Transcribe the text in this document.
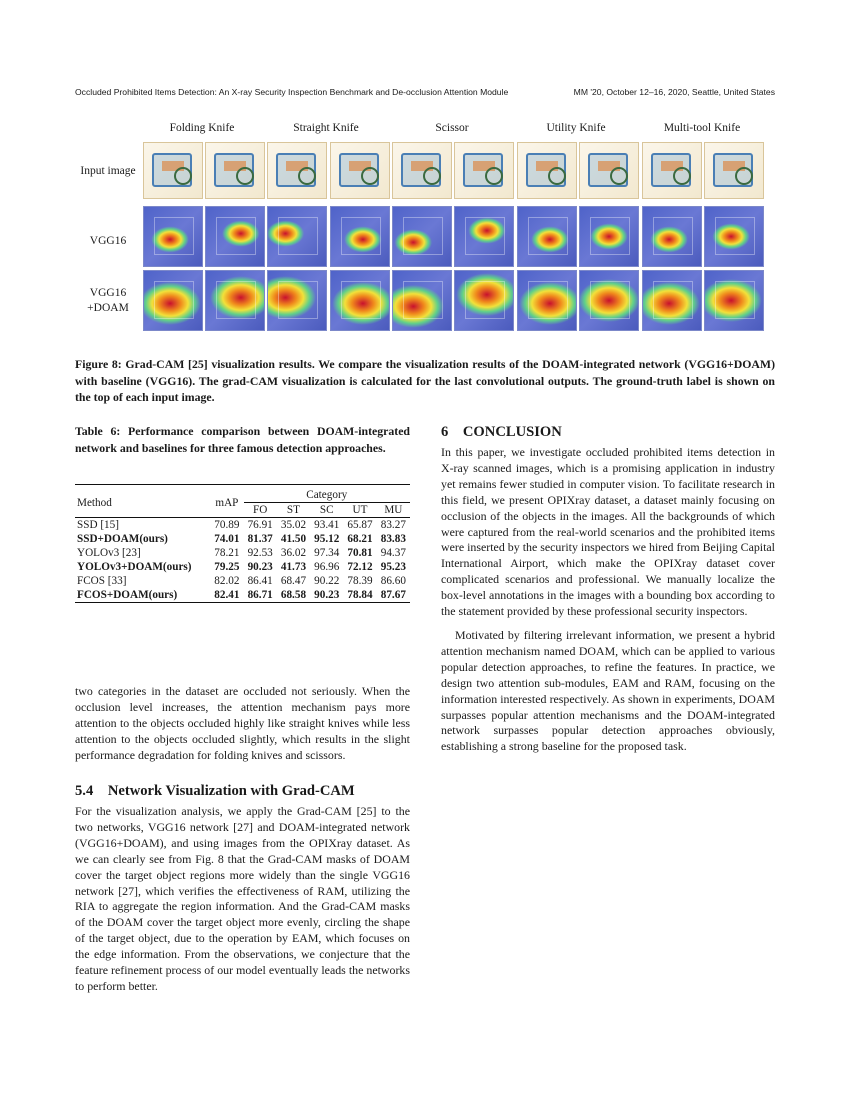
Occluded Prohibited Items Detection: An X-ray Security Inspection Benchmark and De-occlusion Attention Module	MM '20, October 12–16, 2020, Seattle, United States
Folding Knife	Straight Knife	Scissor	Utility Knife	Multi-tool Knife
Input image
VGG16
VGG16
+DOAM
Figure 8: Grad-CAM [25] visualization results. We compare the visualization results of the DOAM-integrated network (VGG16+DOAM) with baseline (VGG16). The grad-CAM visualization is calculated for the last convolutional outputs. The ground-truth label is shown on the top of each input image.
Table 6: Performance comparison between DOAM-integrated network and baselines for three famous detection approaches.
Method	mAP	Category				
		FO	ST	SC	UT	MU
SSD [15]	70.89	76.91	35.02	93.41	65.87	83.27
SSD+DOAM(ours)	74.01	81.37	41.50	95.12	68.21	83.83
YOLOv3 [23]	78.21	92.53	36.02	97.34	70.81	94.37
YOLOv3+DOAM(ours)	79.25	90.23	41.73	96.96	72.12	95.23
FCOS [33]	82.02	86.41	68.47	90.22	78.39	86.60
FCOS+DOAM(ours)	82.41	86.71	68.58	90.23	78.84	87.67
two categories in the dataset are occluded not seriously. When the occlusion level increases, the attention mechanism pays more attention to the objects occluded highly like straight knives while less attention to the objects occluded slightly, which results in the slight performance degradation for folding knives and scissors.
5.4 Network Visualization with Grad-CAM
For the visualization analysis, we apply the Grad-CAM [25] to the two networks, VGG16 network [27] and DOAM-integrated network (VGG16+DOAM), and using images from the OPIXray dataset. As we can clearly see from Fig. 8 that the Grad-CAM masks of DOAM cover the target object regions more widely than the single VGG16 network [27], which verifies the effectiveness of RAM, utilizing the RIA to aggregate the region information. And the Grad-CAM masks of the DOAM cover the target object more evenly, circling the shape of the target object, due to the operation by EAM, which focuses on the edge information. From the observations, we conjecture that the feature refinement process of our model eventually leads the networks to perform better.
6 CONCLUSION
In this paper, we investigate occluded prohibited items detection in X-ray scanned images, which is a promising application in industry yet remains fewer studied in computer vision. To facilitate research in this field, we present OPIXray dataset, a dataset mainly focusing on occlusion of the objects in the images. All the backgrounds of which were captured from the real-world scenarios and the prohibited items were inserted by the security inspectors we hired from Beijing Capital International Airport, which make the OPIXray dataset cover complicated scenarios and professional. We manually localize the box-level annotations in the images with a bounding box according to the statement provided by these professional security inspectors.
Motivated by filtering irrelevant information, we present a hybrid attention mechanism named DOAM, which can be applied to various popular detection approaches, to refine the features. In practice, we design two attention sub-modules, EAM and RAM, focusing on the information interested respectively. As shown in experiments, DOAM surpasses popular attention mechanisms and the DOAM-integrated network surpasses popular detection approaches obviously, establishing a strong baseline for the proposed task.
